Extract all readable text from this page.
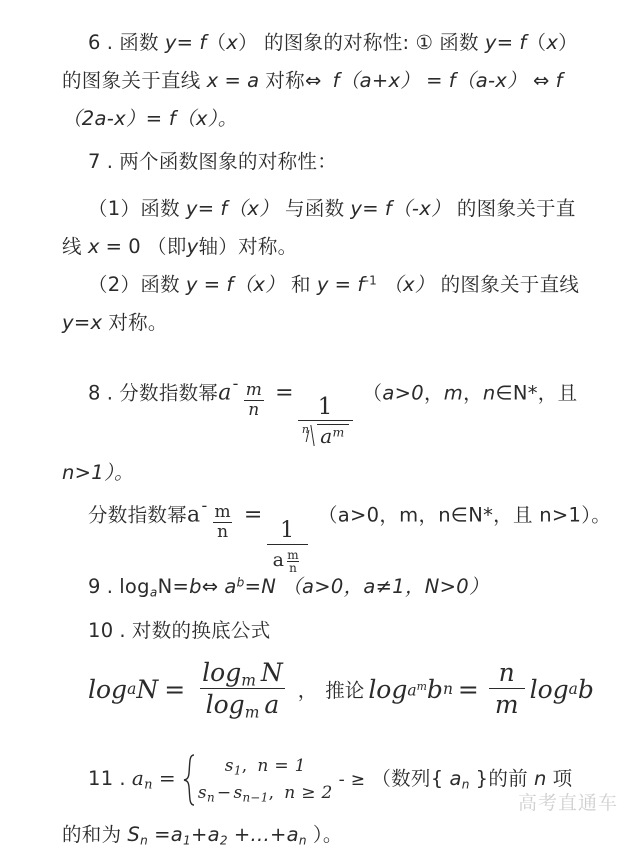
6 . 函数 y= f（x） 的图象的对称性: ① 函数 y= f（x）
的图象关于直线 x = a 对称⇔ f（a+x） = f（a-x） ⇔ f
（2a-x）= f（x）。
7 . 两个函数图象的对称性：
（1）函数 y= f（x） 与函数 y= f（-x） 的图象关于直
线 x = 0 （即y轴）对称。
（2）函数 y = f（x） 和 $y = f^{-1}$ （x） 的图象关于直线
y=x 对称。
8 . 分数指数幂$a- \frac{m}{n}$ =
$\frac{1}{n a^m}$
（a>0，m，n∈N*，且
n>1）。
分数指数幂$a- \frac{m}{n}$ =
$\frac{1}{a \frac{m}{n}}$
（a>0，m，n∈N*，且 n>1）。
9 . $\log_aN=b\Leftrightarrow$ $a^b=N$ （a>0，a≠1，N>0）
10 . 对数的换底公式
log a $N = \frac{\log_m N}{\log_m a}$ ， 推论 $\log a^m$ b $n = \frac{n}{m}$ log a b
11 . $a_n$ =	$s_1$, n = 1
$s_n - s_{n-1}$, n ≥ 2
- ≥ （数列{ $a_n$ }的前 n 项
的和为 $S_n =a_1+a_2 +...+a_n$ ）。
高考直通车
